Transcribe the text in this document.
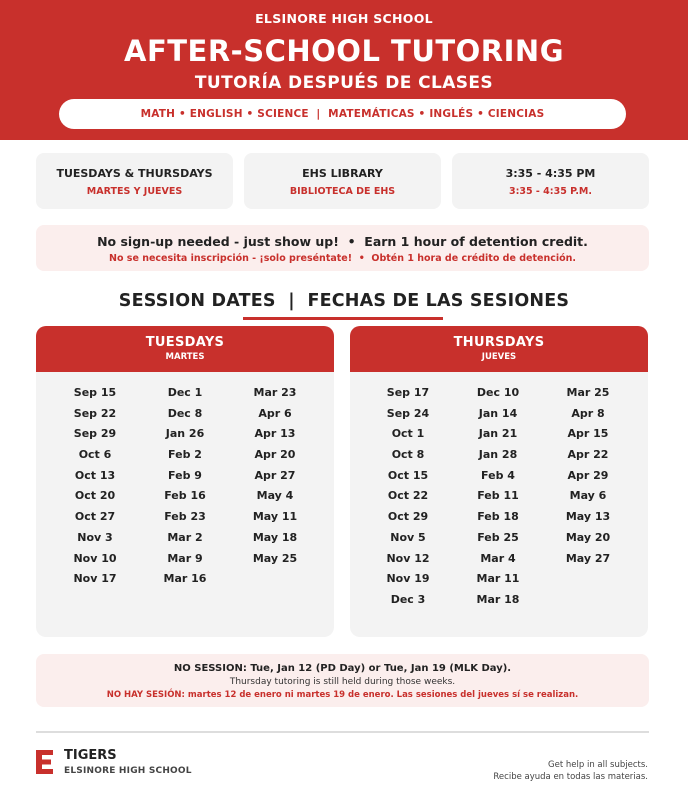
ELSINORE HIGH SCHOOL
AFTER-SCHOOL TUTORING
TUTORÍA DESPUÉS DE CLASES
MATH • ENGLISH • SCIENCE  |  MATEMÁTICAS • INGLÉS • CIENCIAS
TUESDAYS & THURSDAYS
MARTES Y JUEVES
EHS LIBRARY
BIBLIOTECA DE EHS
3:35 - 4:35 PM
3:35 - 4:35 P.M.
No sign-up needed - just show up!  •  Earn 1 hour of detention credit.
No se necesita inscripción - ¡solo preséntate!  •  Obtén 1 hora de crédito de detención.
SESSION DATES  |  FECHAS DE LAS SESIONES
TUESDAYS
MARTES
Sep 15
Sep 22
Sep 29
Oct 6
Oct 13
Oct 20
Oct 27
Nov 3
Nov 10
Nov 17
Dec 1
Dec 8
Jan 26
Feb 2
Feb 9
Feb 16
Feb 23
Mar 2
Mar 9
Mar 16
Mar 23
Apr 6
Apr 13
Apr 20
Apr 27
May 4
May 11
May 18
May 25
THURSDAYS
JUEVES
Sep 17
Sep 24
Oct 1
Oct 8
Oct 15
Oct 22
Oct 29
Nov 5
Nov 12
Nov 19
Dec 3
Dec 10
Jan 14
Jan 21
Jan 28
Feb 4
Feb 11
Feb 18
Feb 25
Mar 4
Mar 11
Mar 18
Mar 25
Apr 8
Apr 15
Apr 22
Apr 29
May 6
May 13
May 20
May 27
NO SESSION: Tue, Jan 12 (PD Day) or Tue, Jan 19 (MLK Day).
Thursday tutoring is still held during those weeks.
NO HAY SESIÓN: martes 12 de enero ni martes 19 de enero. Las sesiones del jueves sí se realizan.
TIGERS
ELSINORE HIGH SCHOOL
Get help in all subjects.
Recibe ayuda en todas las materias.
